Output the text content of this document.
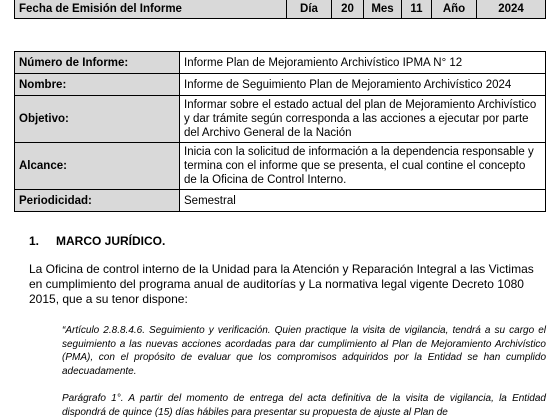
Fecha de Emisión del Informe	Día	20	Mes	11	Año	2024
Número de Informe:	Informe Plan de Mejoramiento Archivístico IPMA N° 12
Nombre:	Informe de Seguimiento Plan de Mejoramiento Archivístico 2024
Objetivo:	Informar sobre el estado actual del plan de Mejoramiento Archivístico y dar trámite según corresponda a las acciones a ejecutar por parte del Archivo General de la Nación
Alcance:	Inicia con la solicitud de información a la dependencia responsable y termina con el informe que se presenta, el cual contine el concepto de la Oficina de Control Interno.
Periodicidad:	Semestral
1. MARCO JURÍDICO.

La Oficina de control interno de la Unidad para la Atención y Reparación Integral a las Victimas en cumplimiento del programa anual de auditorías y La normativa legal vigente Decreto 1080 2015, que a su tenor dispone:

“Artículo 2.8.8.4.6. Seguimiento y verificación. Quien practique la visita de vigilancia, tendrá a su cargo el seguimiento a las nuevas acciones acordadas para dar cumplimiento al Plan de Mejoramiento Archivístico (PMA), con el propósito de evaluar que los compromisos adquiridos por la Entidad se han cumplido adecuadamente.

Parágrafo 1°. A partir del momento de entrega del acta definitiva de la visita de vigilancia, la Entidad dispondrá de quince (15) días hábiles para presentar su propuesta de ajuste al Plan de
